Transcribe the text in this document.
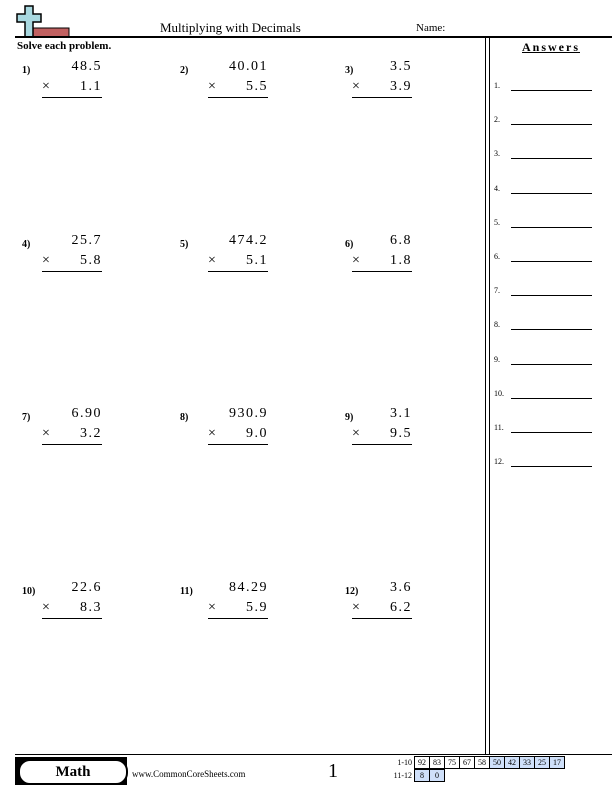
Multiplying with Decimals	Name:
Solve each problem.	Answers
1)	48.5
× 1.1
2)	40.01
× 5.5
3)	3.5
× 3.9
4)	25.7
× 5.8
5)	474.2
× 5.1
6)	6.8
× 1.8
7)	6.90
× 3.2
8)	930.9
× 9.0
9)	3.1
× 9.5
10)	22.6
× 8.3
11)	84.29
× 5.9
12) 3.6
× 6.2
1.
2.
3.
4.
5.
6.
7.
8.
9.
10.
11.
12.
Math	www.CommonCoreSheets.com	1	1-10 92 83 75 67 58 50 42 33 25 17
11-12	8	0
